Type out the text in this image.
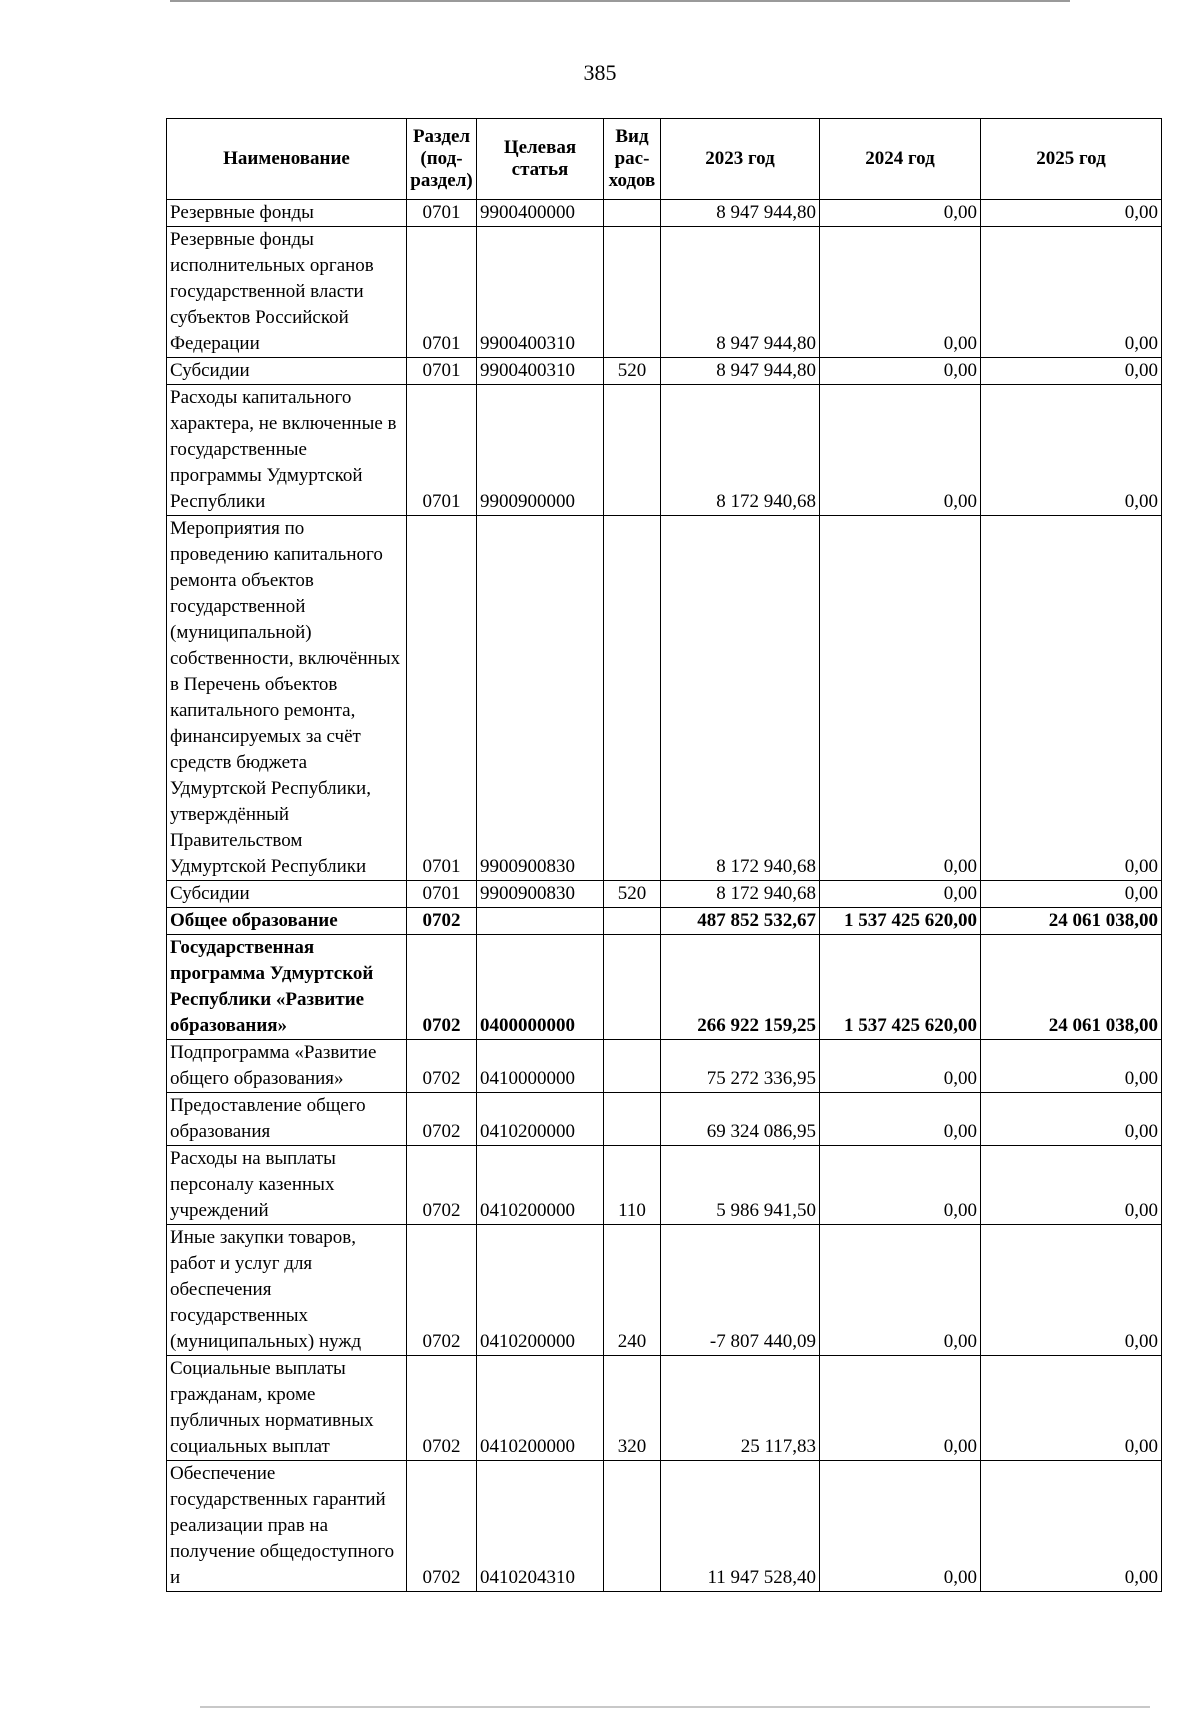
385
Наименование	Раздел (под-раздел)	Целевая статья	Вид рас-ходов	2023 год	2024 год	2025 год
Резервные фонды	0701	9900400000		8 947 944,80	0,00	0,00
Резервные фонды исполнительных органов государственной власти субъектов Российской Федерации	0701	9900400310		8 947 944,80	0,00	0,00
Субсидии	0701	9900400310	520	8 947 944,80	0,00	0,00
Расходы капитального характера, не включенные в государственные программы Удмуртской Республики	0701	9900900000		8 172 940,68	0,00	0,00
Мероприятия по проведению капитального ремонта объектов государственной (муниципальной) собственности, включённых в Перечень объектов капитального ремонта, финансируемых за счёт средств бюджета Удмуртской Республики, утверждённый Правительством Удмуртской Республики	0701	9900900830		8 172 940,68	0,00	0,00
Субсидии	0701	9900900830	520	8 172 940,68	0,00	0,00
Общее образование	0702			487 852 532,67	1 537 425 620,00	24 061 038,00
Государственная программа Удмуртской Республики «Развитие образования»	0702	0400000000		266 922 159,25	1 537 425 620,00	24 061 038,00
Подпрограмма «Развитие общего образования»	0702	0410000000		75 272 336,95	0,00	0,00
Предоставление общего образования	0702	0410200000		69 324 086,95	0,00	0,00
Расходы на выплаты персоналу казенных учреждений	0702	0410200000	110	5 986 941,50	0,00	0,00
Иные закупки товаров, работ и услуг для обеспечения государственных (муниципальных) нужд	0702	0410200000	240	-7 807 440,09	0,00	0,00
Социальные выплаты гражданам, кроме публичных нормативных социальных выплат	0702	0410200000	320	25 117,83	0,00	0,00
Обеспечение государственных гарантий реализации прав на получение общедоступного и	0702	0410204310		11 947 528,40	0,00	0,00
